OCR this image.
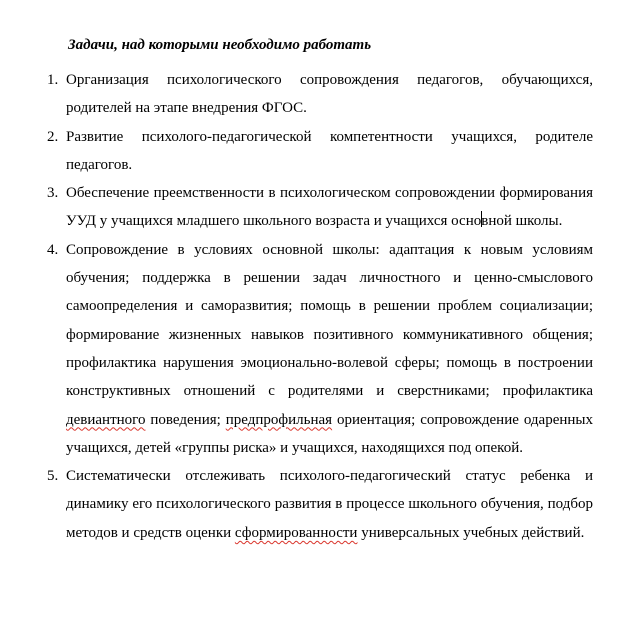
Задачи, над которыми необходимо работать
1. Организация психологического сопровождения педагогов, обучающихся, родителей на этапе внедрения ФГОС.
2. Развитие психолого-педагогической компетентности учащихся, родителе педагогов.
3. Обеспечение преемственности в психологическом сопровождении формирования УУД у учащихся младшего школьного возраста и учащихся основной школы.
4. Сопровождение в условиях основной школы: адаптация к новым условиям обучения; поддержка в решении задач личностного и ценно-смыслового самоопределения и саморазвития; помощь в решении проблем социализации; формирование жизненных навыков позитивного коммуникативного общения; профилактика нарушения эмоционально-волевой сферы; помощь в построении конструктивных отношений с родителями и сверстниками; профилактика девиантного поведения; предпрофильная ориентация; сопровождение одаренных учащихся, детей «группы риска» и учащихся, находящихся под опекой.
5. Систематически отслеживать психолого-педагогический статус ребенка и динамику его психологического развития в процессе школьного обучения, подбор методов и средств оценки сформированности универсальных учебных действий.
